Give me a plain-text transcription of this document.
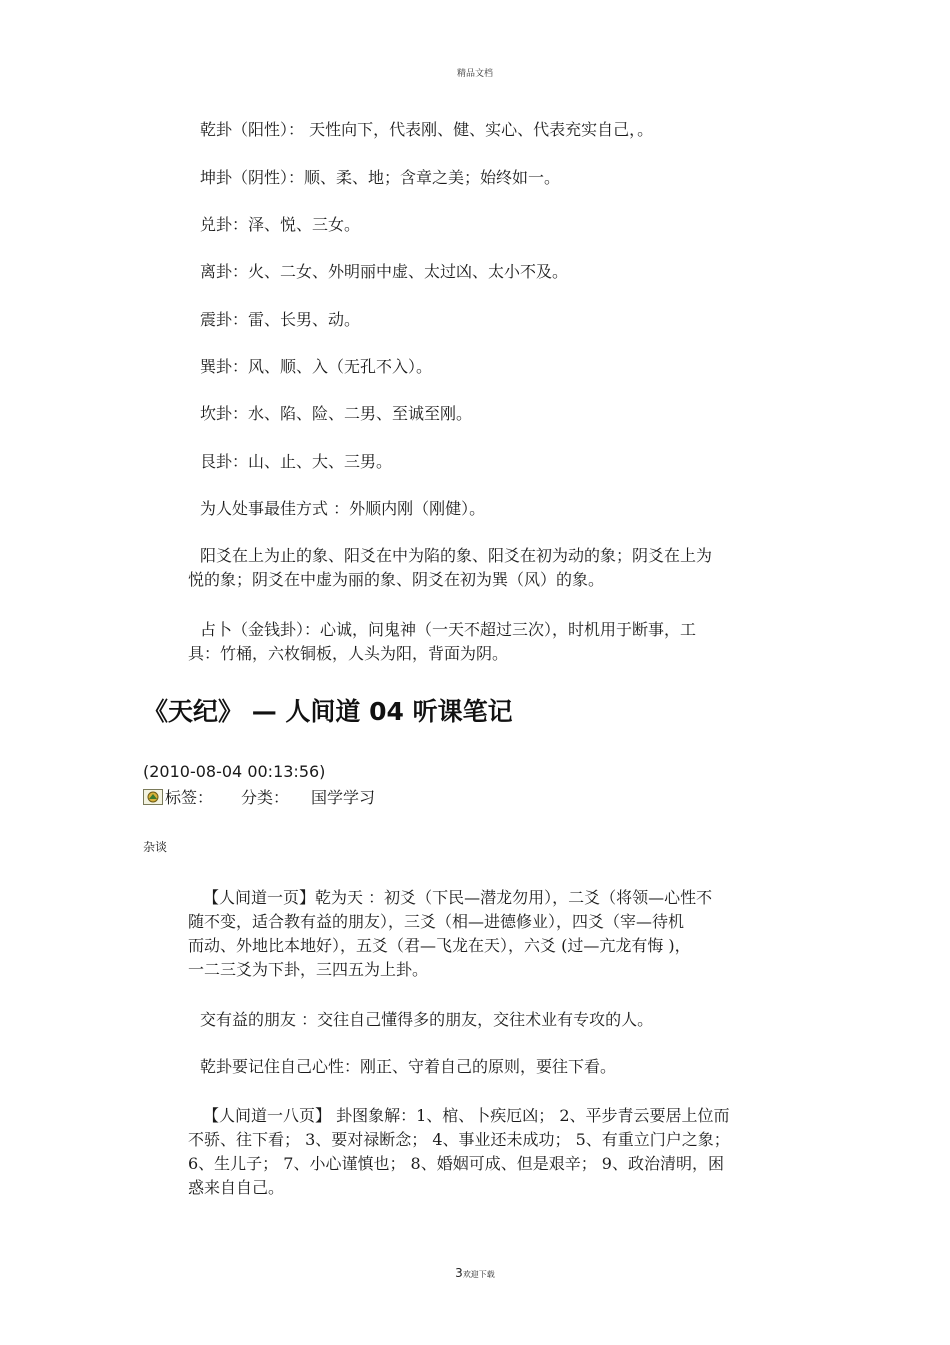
精品文档

乾卦（阳性）： 天性向下，代表刚、健、实心、代表充实自己，。

坤卦（阴性）：顺、柔、地；含章之美；始终如一。

兑卦：泽、悦、三女。

离卦：火、二女、外明丽中虚、太过凶、太小不及。

震卦：雷、长男、动。

巽卦：风、顺、入（无孔不入）。

坎卦：水、陷、险、二男、至诚至刚。

艮卦：山、止、大、三男。

为人处事最佳方式 ：外顺内刚（刚健）。

阳爻在上为止的象、阳爻在中为陷的象、阳爻在初为动的象；阴爻在上为

悦的象；阴爻在中虚为丽的象、阴爻在初为巽（风）的象。

占卜（金钱卦）：心诚，问鬼神（一天不超过三次），时机用于断事，工

具：竹桶，六枚铜板，人头为阳，背面为阴。

《天纪》 — 人间道 04 听课笔记
(2010-08-04 00:13:56)
标签： 分类： 国学学习
杂谈

【人间道一页】乾为天 ：初爻（下民—潜龙勿用），二爻（将领—心性不

随不变，适合教有益的朋友），三爻（相—进德修业），四爻（宰—待机

而动、外地比本地好），五爻（君—飞龙在天），六爻 (过—亢龙有悔 )，

一二三爻为下卦，三四五为上卦。

交有益的朋友 ：交往自己懂得多的朋友，交往术业有专攻的人。

乾卦要记住自己心性：刚正、守着自己的原则，要往下看。

【人间道一八页】 卦图象解：1、棺、卜疾厄凶； 2、平步青云要居上位而

不骄、往下看； 3、要对禄断念； 4、事业还未成功； 5、有重立门户之象；

6、生儿子； 7、小心谨慎也； 8、婚姻可成、但是艰辛； 9、政治清明，困

惑来自自己。

3欢迎下载
